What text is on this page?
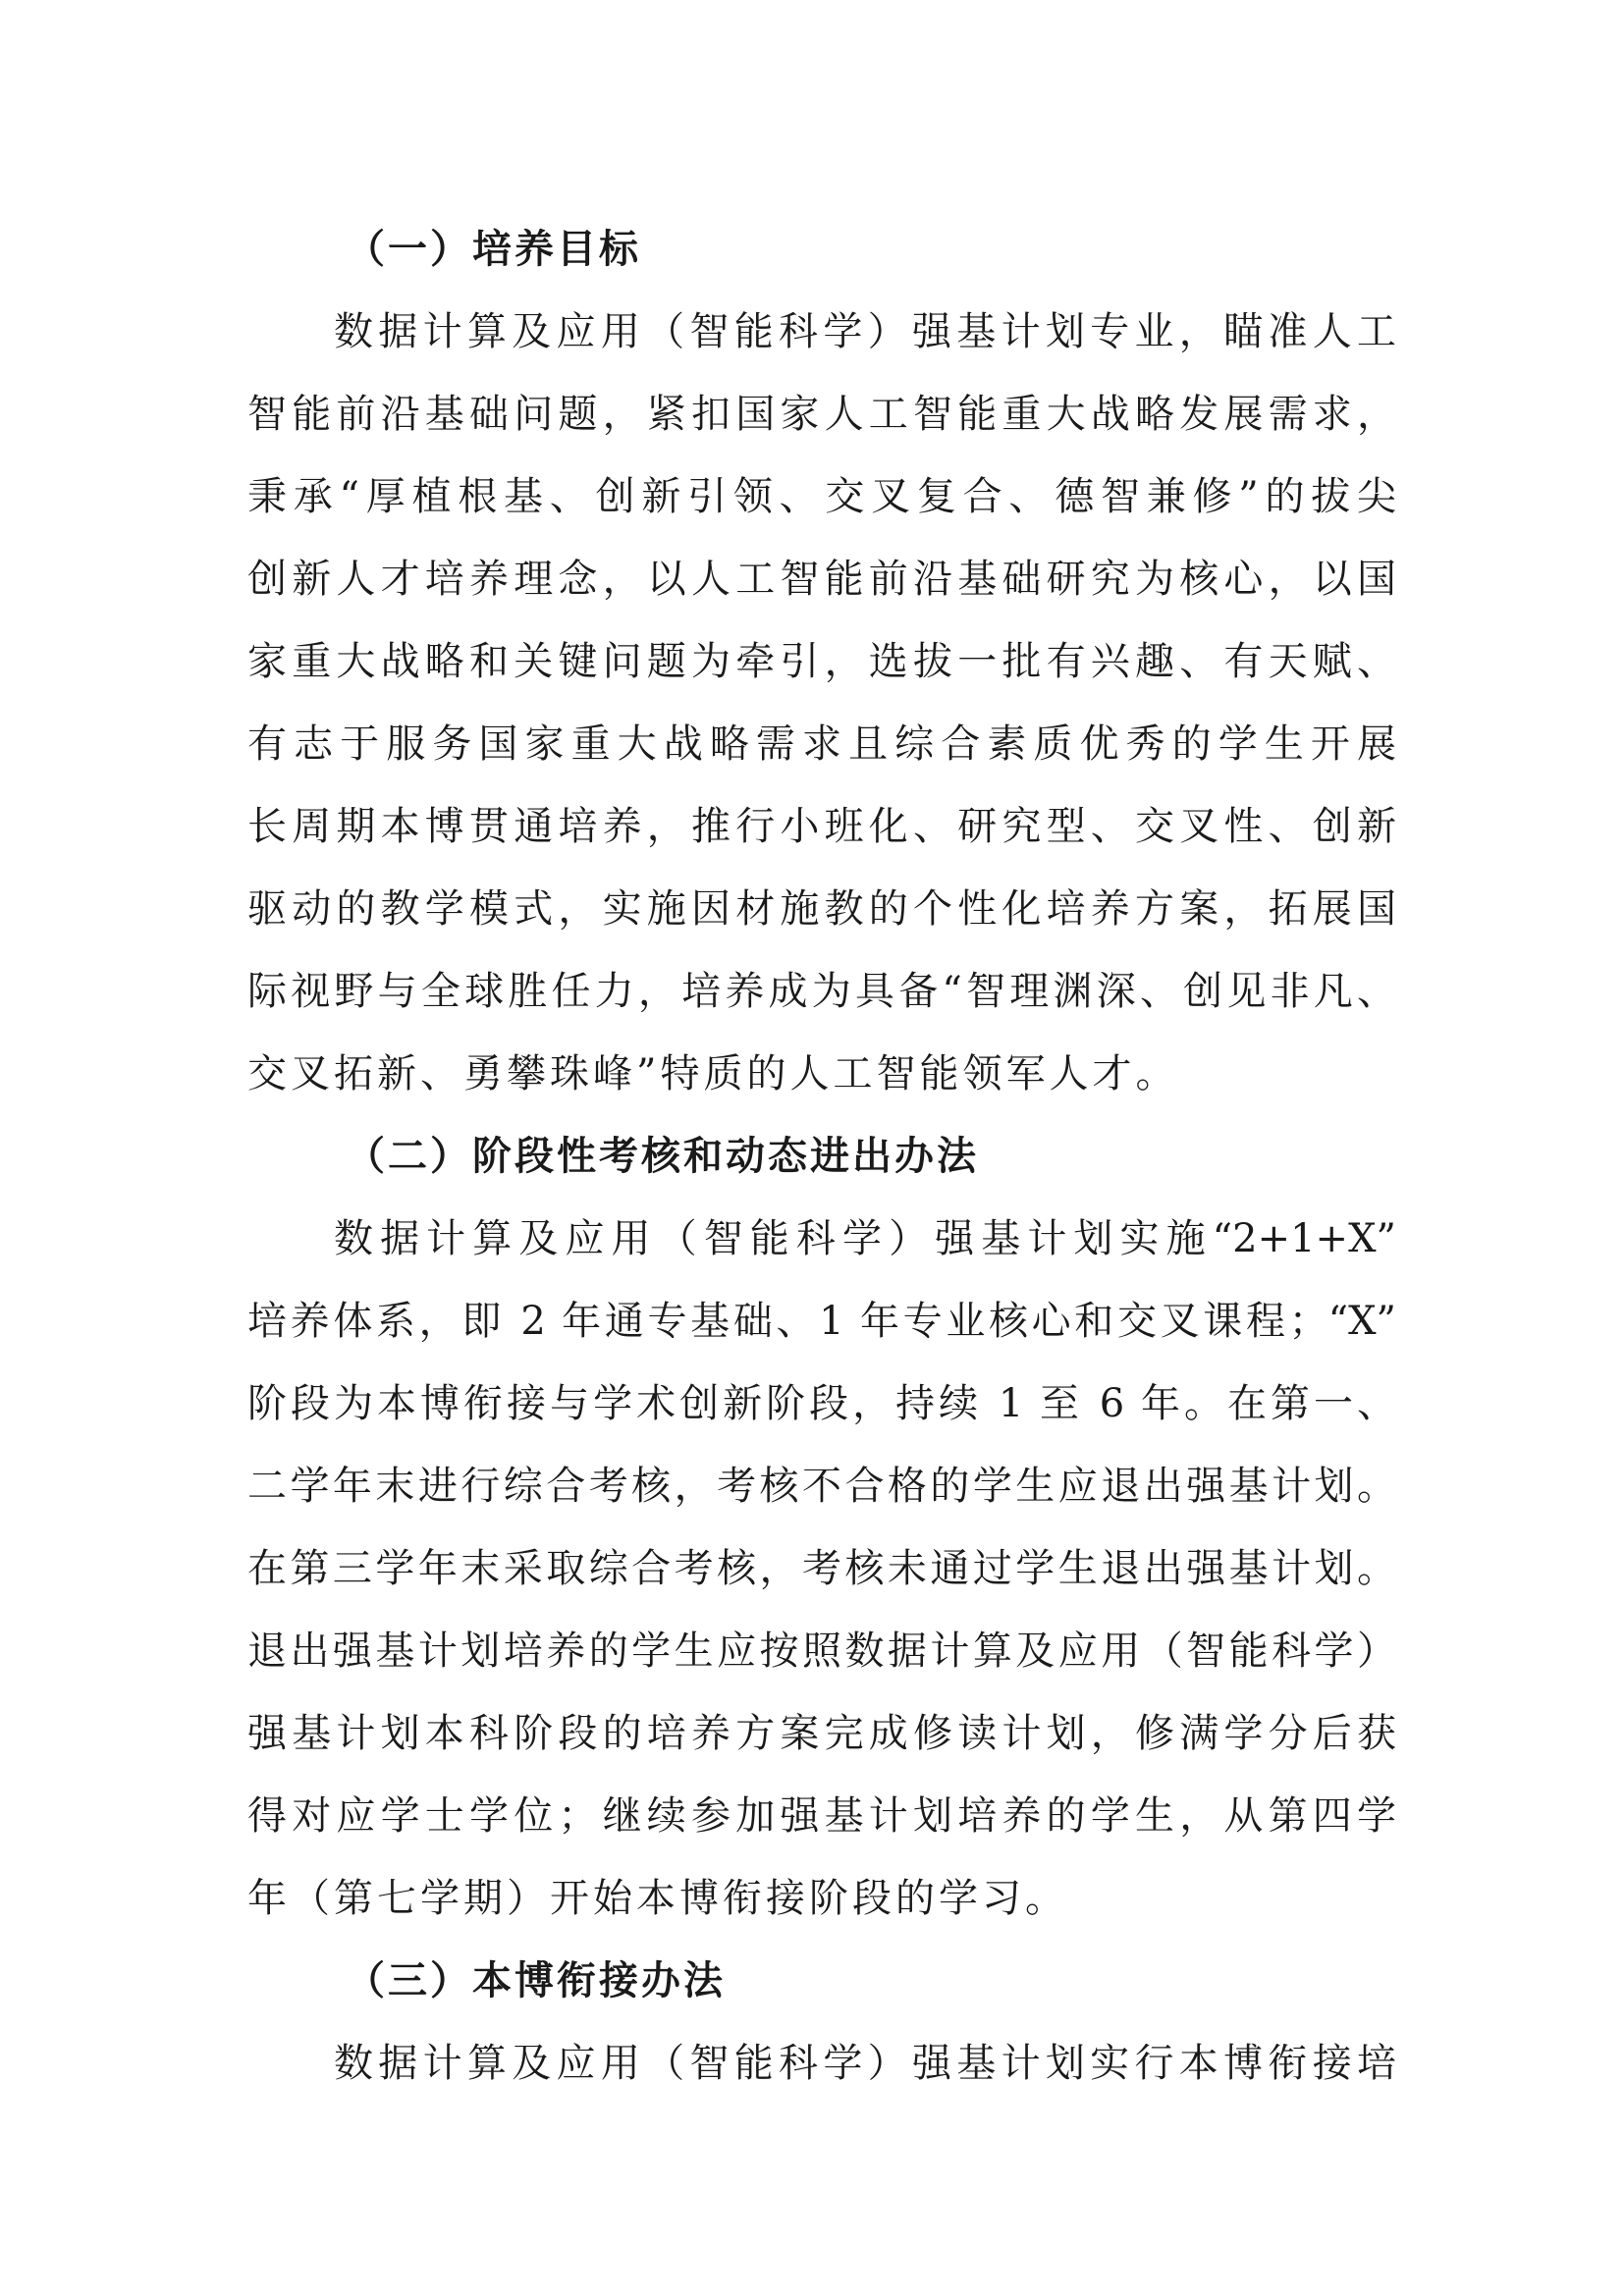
（一）培养目标
数据计算及应用（智能科学）强基计划专业，瞄准人工
智能前沿基础问题，紧扣国家人工智能重大战略发展需求，
秉承“厚植根基、创新引领、交叉复合、德智兼修”的拔尖
创新人才培养理念，以人工智能前沿基础研究为核心，以国
家重大战略和关键问题为牵引，选拔一批有兴趣、有天赋、
有志于服务国家重大战略需求且综合素质优秀的学生开展
长周期本博贯通培养，推行小班化、研究型、交叉性、创新
驱动的教学模式，实施因材施教的个性化培养方案，拓展国
际视野与全球胜任力，培养成为具备“智理渊深、创见非凡、
交叉拓新、勇攀珠峰”特质的人工智能领军人才。
（二）阶段性考核和动态进出办法
数据计算及应用（智能科学）强基计划实施“2+1+X”
培养体系，即 2 年通专基础、1 年专业核心和交叉课程；“X”
阶段为本博衔接与学术创新阶段，持续 1 至 6 年。在第一、
二学年末进行综合考核，考核不合格的学生应退出强基计划。
在第三学年末采取综合考核，考核未通过学生退出强基计划。
退出强基计划培养的学生应按照数据计算及应用（智能科学）
强基计划本科阶段的培养方案完成修读计划，修满学分后获
得对应学士学位；继续参加强基计划培养的学生，从第四学
年（第七学期）开始本博衔接阶段的学习。
（三）本博衔接办法
数据计算及应用（智能科学）强基计划实行本博衔接培
